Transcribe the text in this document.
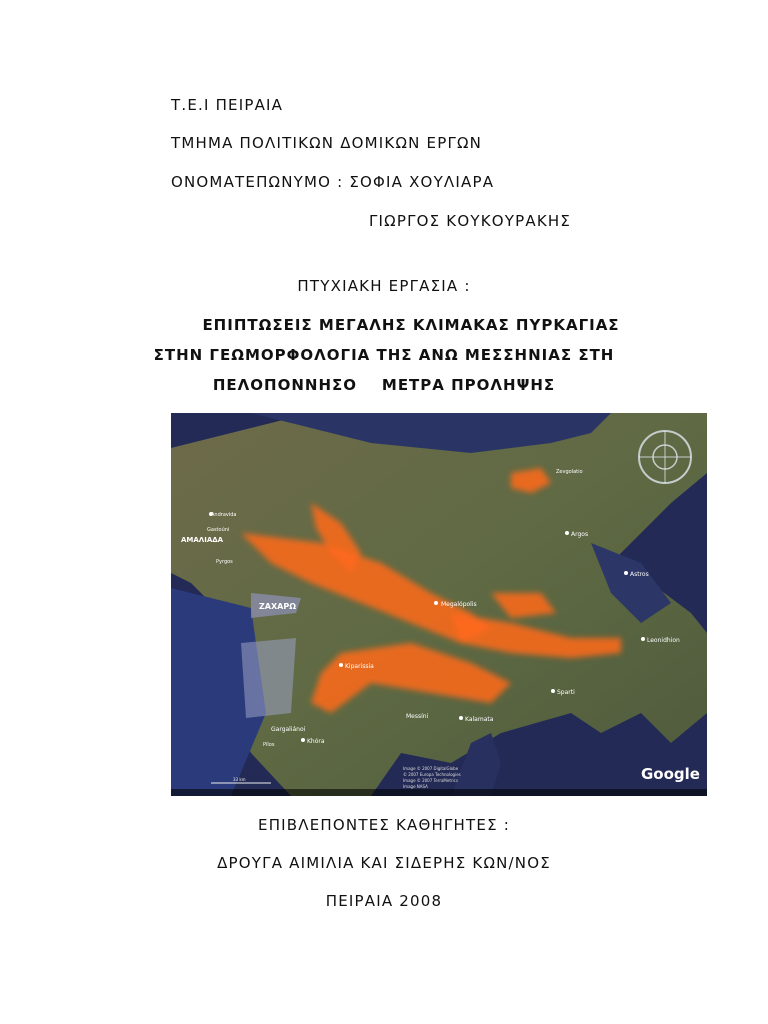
Τ.Ε.Ι ΠΕΙΡΑΙΑ
ΤΜΗΜΑ ΠΟΛΙΤΙΚΩΝ ΔΟΜΙΚΩΝ ΕΡΓΩΝ
ΟΝΟΜΑΤΕΠΩΝΥΜΟ : ΣΟΦΙΑ ΧΟΥΛΙΑΡΑ
ΓΙΩΡΓΟΣ ΚΟΥΚΟΥΡΑΚΗΣ
ΠΤΥΧΙΑΚΗ ΕΡΓΑΣΙΑ :
ΕΠΙΠΤΩΣΕΙΣ ΜΕΓΑΛΗΣ ΚΛΙΜΑΚΑΣ ΠΥΡΚΑΓΙΑΣ
ΣΤΗΝ ΓΕΩΜΟΡΦΟΛΟΓΙΑ ΤΗΣ ΑΝΩ ΜΕΣΣΗΝΙΑΣ ΣΤΗ
ΠΕΛΟΠΟΝΝΗΣΟ    ΜΕΤΡΑ ΠΡΟΛΗΨΗΣ
ΑΜΑΛΙΑΔΑ
ΖΑΧΑΡΩ	Megalópolis
Kiparissia
Messíni	Kalamata
Sparti
Gargaliánoi
Khóra
Pílos
Leonidhion
Astros
Argos
Zevgolatio
Pyrgos
Andravida
Gastoúni
Google
Image © 2007 DigitalGlobe
© 2007 Europa Technologies
Image © 2007 TerraMetrics
Image NASA
33 km
ΕΠΙΒΛΕΠΟΝΤΕΣ ΚΑΘΗΓΗΤΕΣ :
ΔΡΟΥΓΑ ΑΙΜΙΛΙΑ ΚΑΙ ΣΙΔΕΡΗΣ ΚΩΝ/ΝΟΣ
ΠΕΙΡΑΙΑ 2008
